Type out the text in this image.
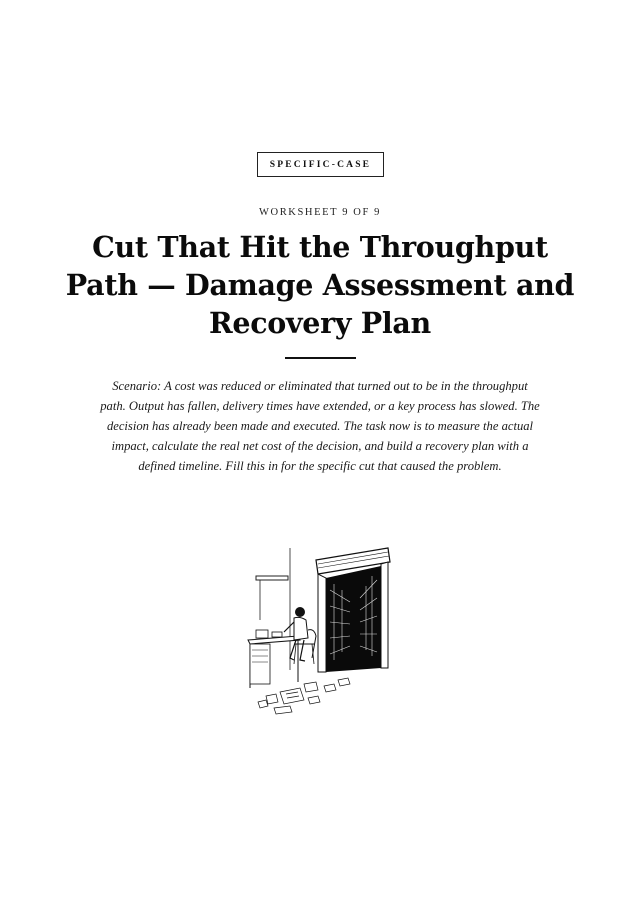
SPECIFIC-CASE
WORKSHEET 9 OF 9
Cut That Hit the Throughput Path — Damage Assessment and Recovery Plan

Scenario: A cost was reduced or eliminated that turned out to be in the throughput path. Output has fallen, delivery times have extended, or a key process has slowed. The decision has already been made and executed. The task now is to measure the actual impact, calculate the real net cost of the decision, and build a recovery plan with a defined timeline. Fill this in for the specific cut that caused the problem.
